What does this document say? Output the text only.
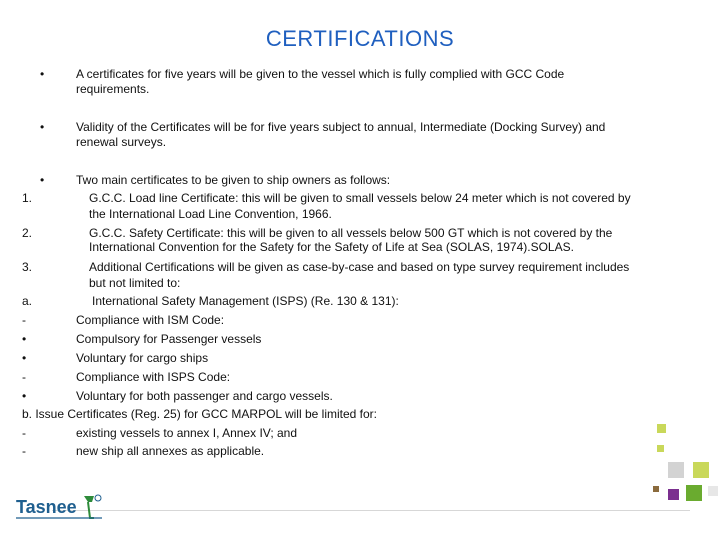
CERTIFICATIONS
•	A certificates for five years will be given to the vessel which is fully complied with GCC Code
requirements.
•	Validity of the Certificates will be for five years subject to annual, Intermediate (Docking Survey) and
renewal surveys.
•	Two main certificates to be given to ship owners as follows:
1.	G.C.C. Load line Certificate: this will be given to small vessels below 24 meter which is not covered by
the International Load Line Convention, 1966.
2.	G.C.C. Safety Certificate: this will be given to all vessels below 500 GT which is not covered by the
International Convention for the Safety for the Safety of Life at Sea (SOLAS, 1974).SOLAS.
3.	Additional Certifications will be given as case-by-case and based on type survey requirement includes
but not limited to:
a.	International Safety Management (ISPS) (Re. 130 & 131):
-	Compliance with ISM Code:
•	Compulsory for Passenger vessels
•	Voluntary for cargo ships
-	Compliance with ISPS Code:
•	Voluntary for both passenger and cargo vessels.
b. Issue Certificates (Reg. 25) for GCC MARPOL will be limited for:
-	existing vessels to annex I, Annex IV; and
-	new ship all annexes as applicable.
Tasnee
